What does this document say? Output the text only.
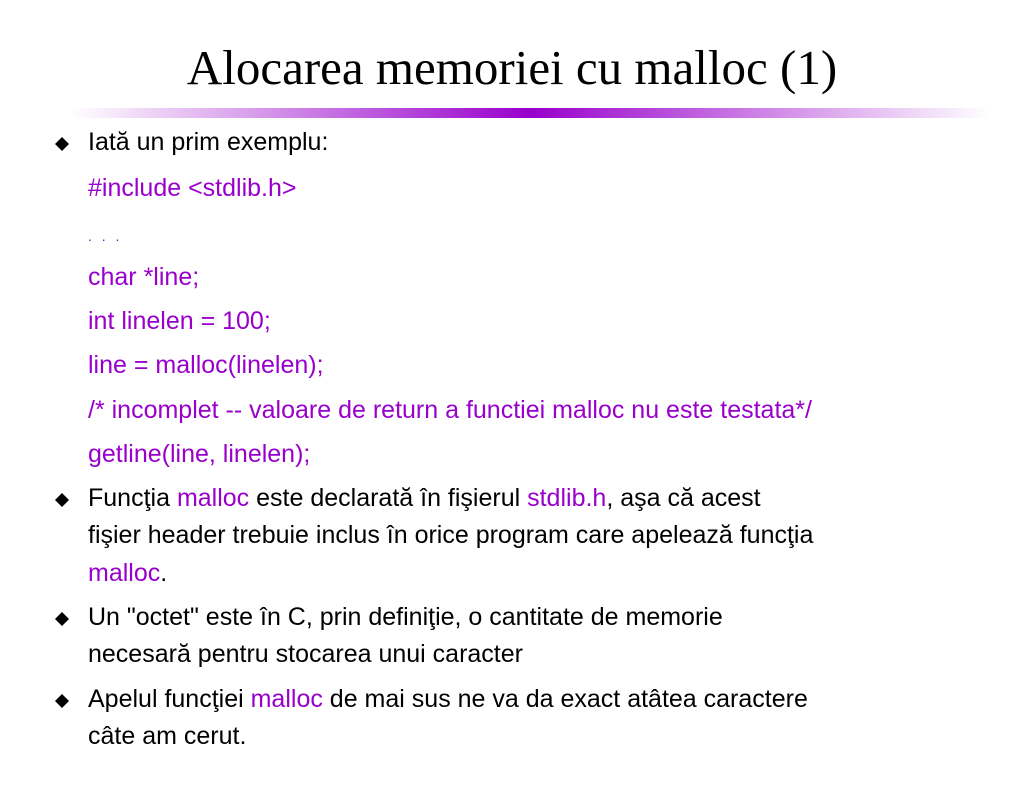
Alocarea memoriei cu malloc (1)
Iată un prim exemplu:
#include <stdlib.h>
. . .
char *line;
int linelen = 100;
line = malloc(linelen);
/* incomplet -- valoare de return a functiei malloc nu este testata*/
getline(line, linelen);
Funcţia malloc este declarată în fişierul stdlib.h, aşa că acest
fişier header trebuie inclus în orice program care apelează funcţia
malloc.
Un "octet" este în C, prin definiţie, o cantitate de memorie
necesară pentru stocarea unui caracter
Apelul funcţiei malloc de mai sus ne va da exact atâtea caractere
câte am cerut.
